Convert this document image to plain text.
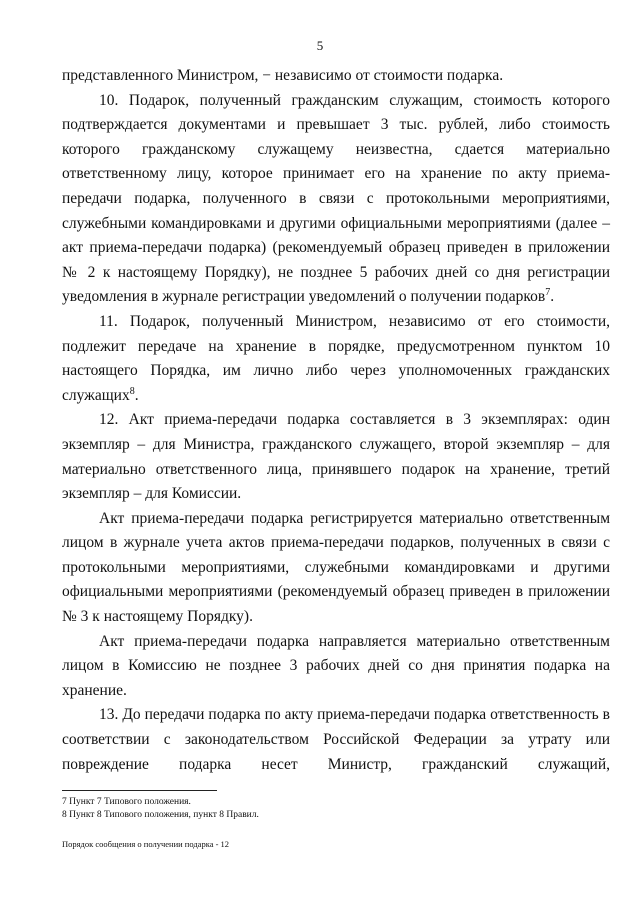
5

представленного Министром, − независимо от стоимости подарка.

10. Подарок, полученный гражданским служащим, стоимость которого подтверждается документами и превышает 3 тыс. рублей, либо стоимость которого гражданскому служащему неизвестна, сдается материально ответственному лицу, которое принимает его на хранение по акту приема-передачи подарка, полученного в связи с протокольными мероприятиями, служебными командировками и другими официальными мероприятиями (далее – акт приема-передачи подарка) (рекомендуемый образец приведен в приложении № 2 к настоящему Порядку), не позднее 5 рабочих дней со дня регистрации уведомления в журнале регистрации уведомлений о получении подарков$^7$.

11. Подарок, полученный Министром, независимо от его стоимости, подлежит передаче на хранение в порядке, предусмотренном пунктом 10 настоящего Порядка, им лично либо через уполномоченных гражданских служащих$^8$.

12. Акт приема-передачи подарка составляется в 3 экземплярах: один экземпляр – для Министра, гражданского служащего, второй экземпляр – для материально ответственного лица, принявшего подарок на хранение, третий экземпляр – для Комиссии.

Акт приема-передачи подарка регистрируется материально ответственным лицом в журнале учета актов приема-передачи подарков, полученных в связи с протокольными мероприятиями, служебными командировками и другими официальными мероприятиями (рекомендуемый образец приведен в приложении № 3 к настоящему Порядку).

Акт приема-передачи подарка направляется материально ответственным лицом в Комиссию не позднее 3 рабочих дней со дня принятия подарка на хранение.

13. До передачи подарка по акту приема-передачи подарка ответственность в соответствии с законодательством Российской Федерации за утрату или повреждение подарка несет Министр, гражданский служащий,

7 Пункт 7 Типового положения.
8 Пункт 8 Типового положения, пункт 8 Правил.
Порядок сообщения о получении подарка - 12
